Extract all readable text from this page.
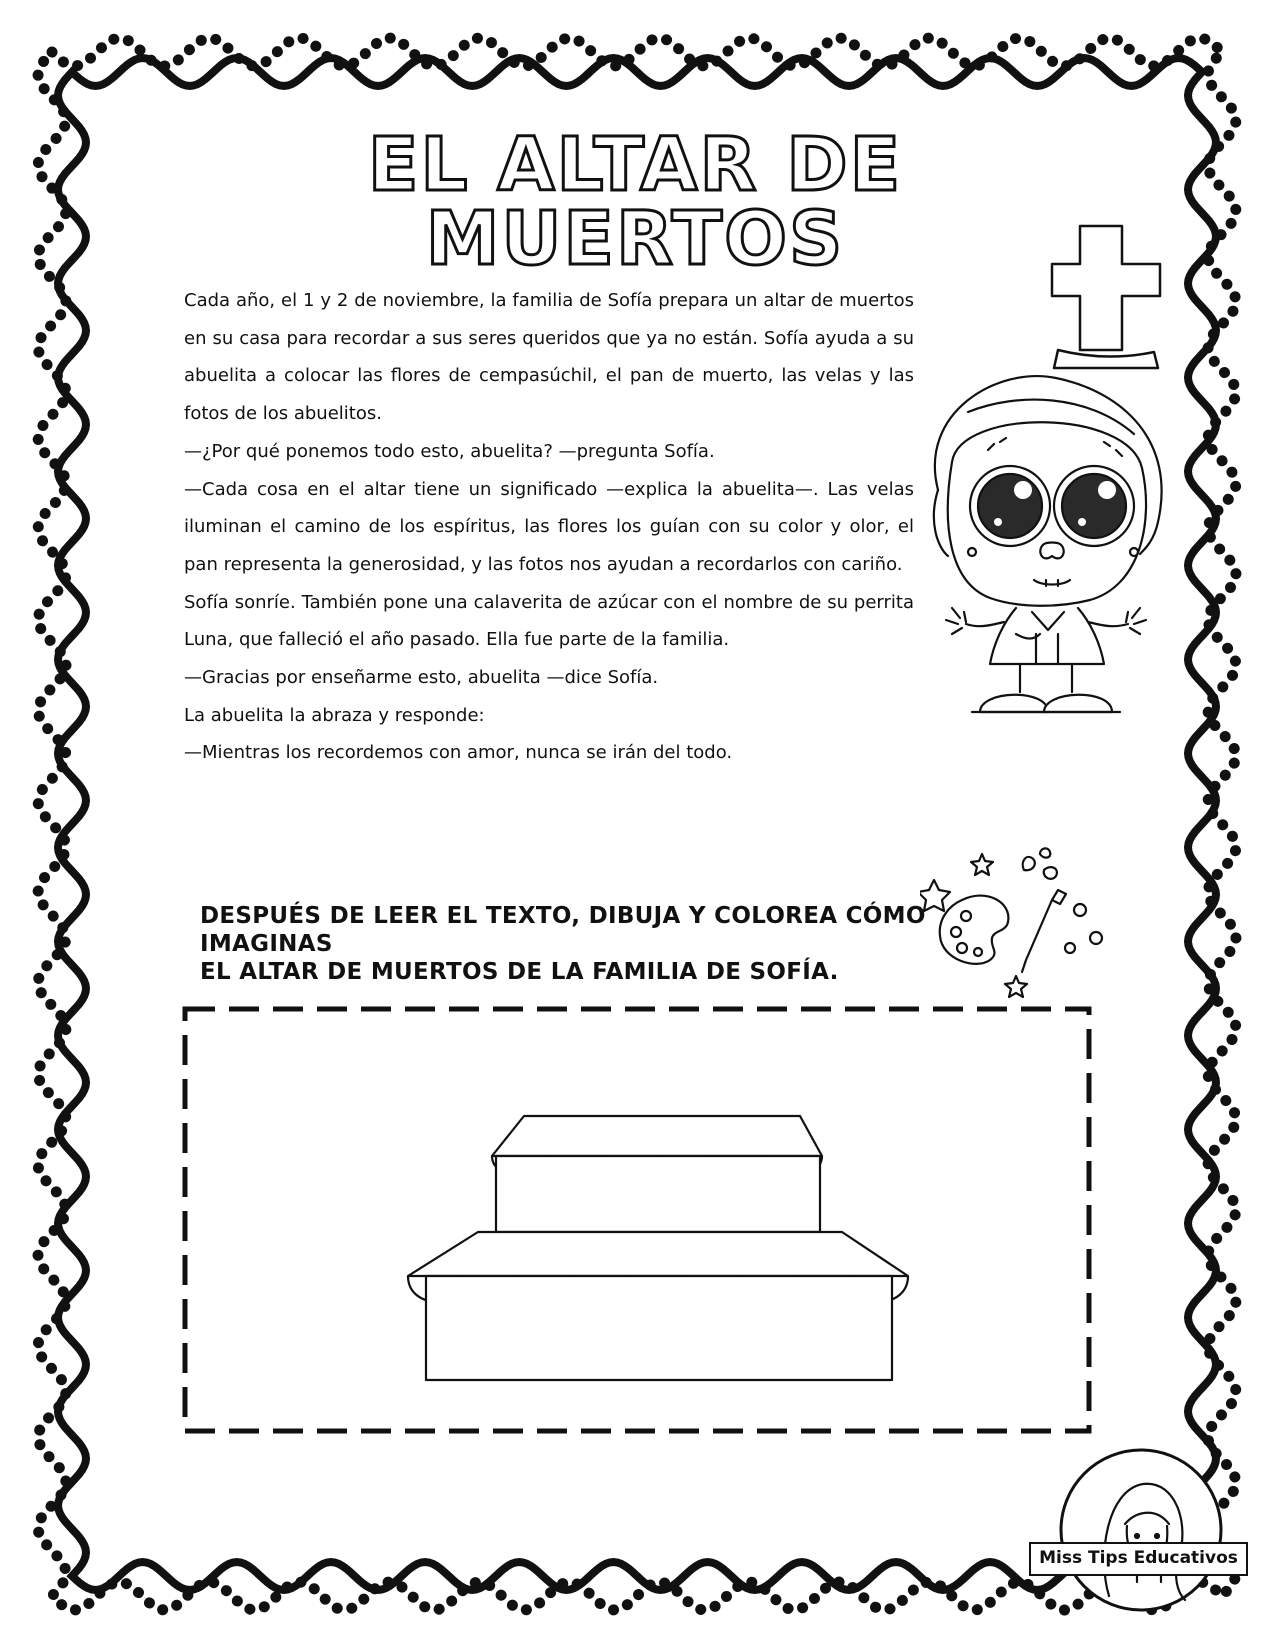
EL ALTAR DE MUERTOS

Cada año, el 1 y 2 de noviembre, la familia de Sofía prepara un altar de muertos en su casa para recordar a sus seres queridos que ya no están. Sofía ayuda a su abuelita a colocar las flores de cempasúchil, el pan de muerto, las velas y las fotos de los abuelitos.

—¿Por qué ponemos todo esto, abuelita? —pregunta Sofía.

—Cada cosa en el altar tiene un significado —explica la abuelita—. Las velas iluminan el camino de los espíritus, las flores los guían con su color y olor, el pan representa la generosidad, y las fotos nos ayudan a recordarlos con cariño.

Sofía sonríe. También pone una calaverita de azúcar con el nombre de su perrita Luna, que falleció el año pasado. Ella fue parte de la familia.

—Gracias por enseñarme esto, abuelita —dice Sofía.

La abuelita la abraza y responde:

—Mientras los recordemos con amor, nunca se irán del todo.

DESPUÉS DE LEER EL TEXTO, DIBUJA Y COLOREA CÓMO IMAGINAS
EL ALTAR DE MUERTOS DE LA FAMILIA DE SOFÍA.
Miss Tips Educativos
